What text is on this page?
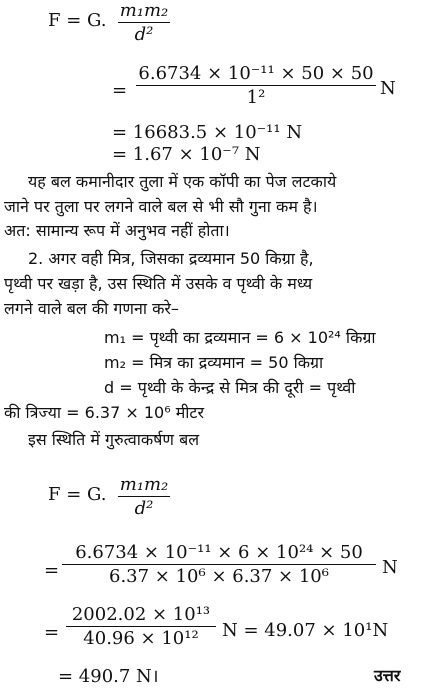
F = G. m₁m₂
d²
=
6.6734 × 10⁻¹¹ × 50 × 50
1²	N
= 16683.5 × 10⁻¹¹ N
= 1.67 × 10⁻⁷ N
यह बल कमानीदार तुला में एक कॉपी का पेज लटकाये
जाने पर तुला पर लगने वाले बल से भी सौ गुना कम है।
अत: सामान्य रूप में अनुभव नहीं होता।
2. अगर वही मित्र, जिसका द्रव्यमान 50 किग्रा है,
पृथ्वी पर खड़ा है, उस स्थिति में उसके व पृथ्वी के मध्य
लगने वाले बल की गणना करे–
m₁ = पृथ्वी का द्रव्यमान = 6 × 10²⁴ किग्रा
m₂ = मित्र का द्रव्यमान = 50 किग्रा
d = पृथ्वी के केन्द्र से मित्र की दूरी = पृथ्वी
की त्रिज्या = 6.37 × 10⁶ मीटर
इस स्थिति में गुरुत्वाकर्षण बल
F = G. m₁m₂
d²
=
6.6734 × 10⁻¹¹ × 6 × 10²⁴ × 50
6.37 × 10⁶ × 6.37 × 10⁶	N
=
2002.02 × 10¹³
40.96 × 10¹² N = 49.07 × 10¹N
= 490.7 N।	उत्तर
